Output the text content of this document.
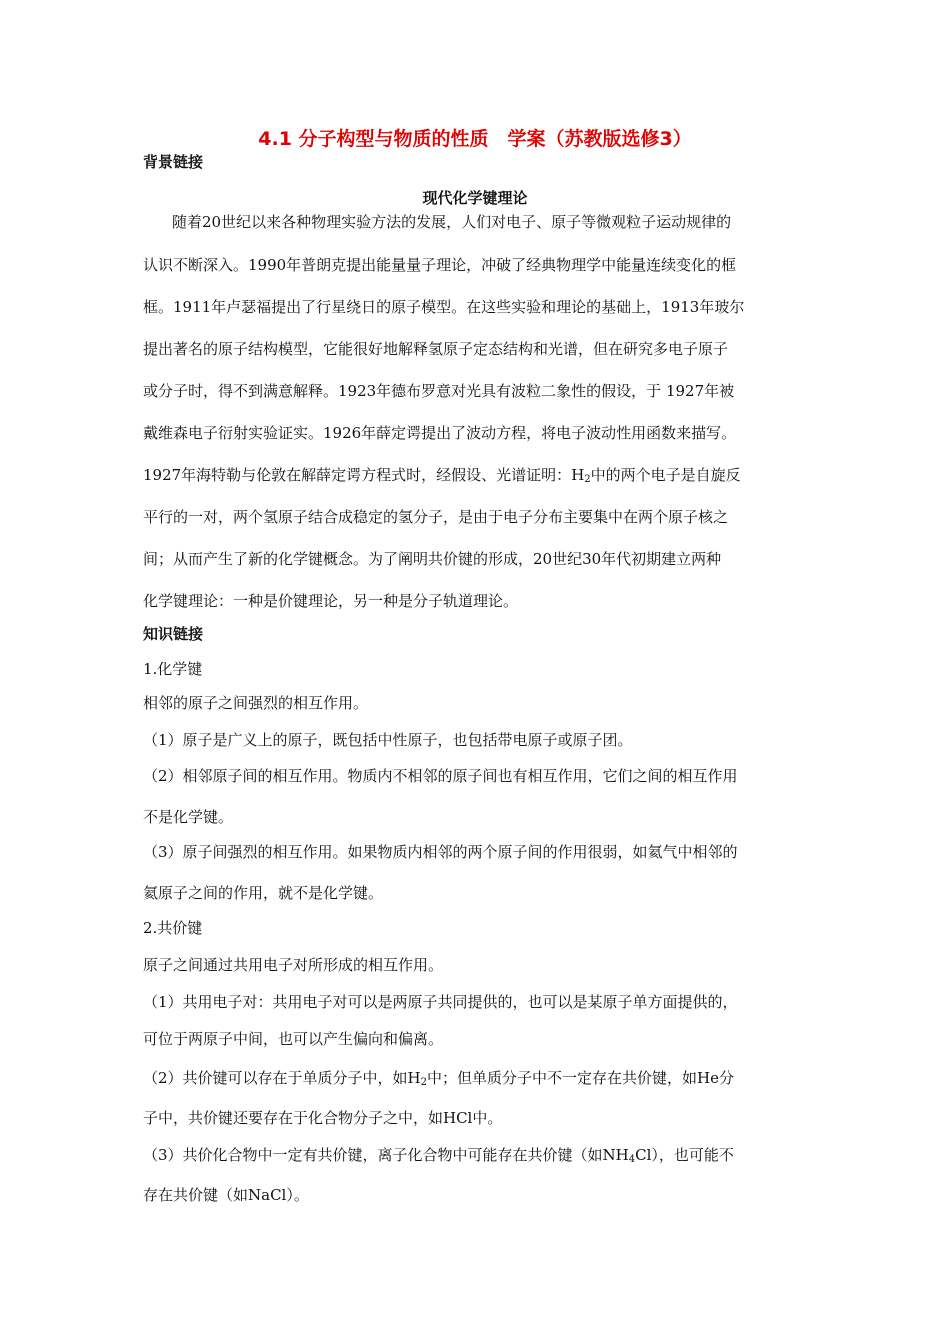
4.1 分子构型与物质的性质　学案（苏教版选修3）
背景链接
现代化学键理论
随着20世纪以来各种物理实验方法的发展，人们对电子、原子等微观粒子运动规律的
认识不断深入。1990年普朗克提出能量量子理论，冲破了经典物理学中能量连续变化的框
框。1911年卢瑟福提出了行星绕日的原子模型。在这些实验和理论的基础上，1913年玻尔
提出著名的原子结构模型，它能很好地解释氢原子定态结构和光谱，但在研究多电子原子
或分子时，得不到满意解释。1923年德布罗意对光具有波粒二象性的假设，于 1927年被
戴维森电子衍射实验证实。1926年薛定谔提出了波动方程，将电子波动性用函数来描写。
1927年海特勒与伦敦在解薛定谔方程式时，经假设、光谱证明：$H_2$中的两个电子是自旋反
平行的一对，两个氢原子结合成稳定的氢分子，是由于电子分布主要集中在两个原子核之
间；从而产生了新的化学键概念。为了阐明共价键的形成，20世纪30年代初期建立两种
化学键理论：一种是价键理论，另一种是分子轨道理论。
知识链接
1.化学键
相邻的原子之间强烈的相互作用。
（1）原子是广义上的原子，既包括中性原子，也包括带电原子或原子团。
（2）相邻原子间的相互作用。物质内不相邻的原子间也有相互作用，它们之间的相互作用
不是化学键。
（3）原子间强烈的相互作用。如果物质内相邻的两个原子间的作用很弱，如氦气中相邻的
氦原子之间的作用，就不是化学键。
2.共价键
原子之间通过共用电子对所形成的相互作用。
（1）共用电子对：共用电子对可以是两原子共同提供的，也可以是某原子单方面提供的，
可位于两原子中间，也可以产生偏向和偏离。
（2）共价键可以存在于单质分子中，如$H_2$中；但单质分子中不一定存在共价键，如He分
子中，共价键还要存在于化合物分子之中，如HCl中。
（3）共价化合物中一定有共价键，离子化合物中可能存在共价键（如$NH_4Cl$），也可能不
存在共价键（如NaCl）。
